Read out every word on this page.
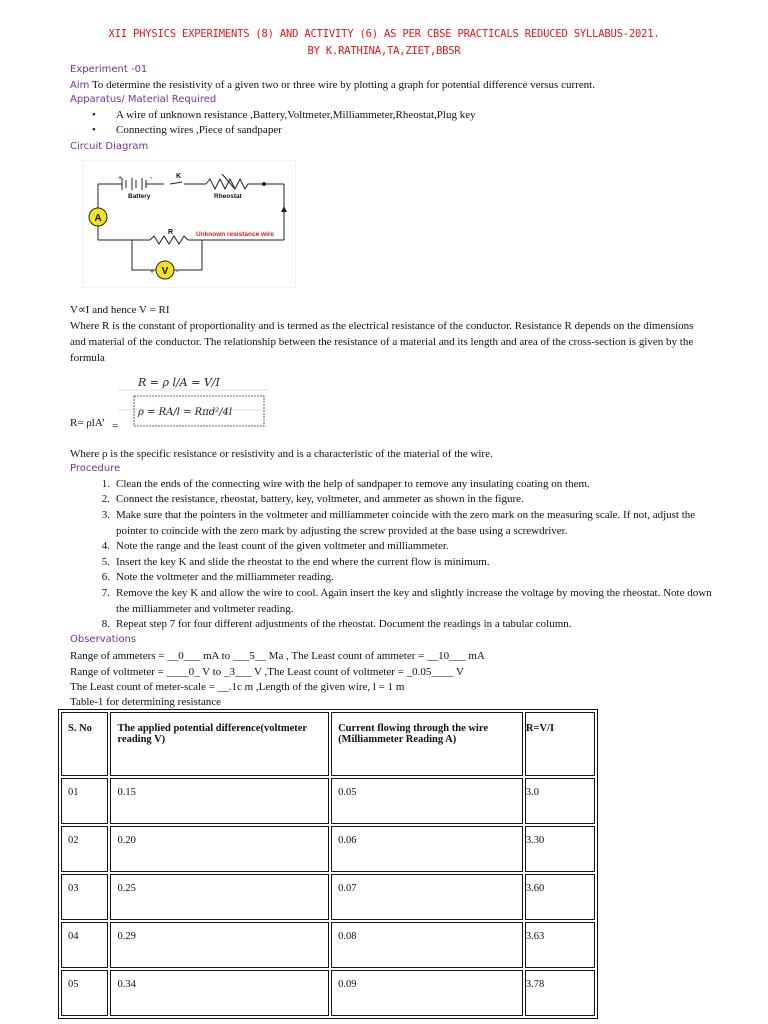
XII PHYSICS EXPERIMENTS (8) AND ACTIVITY (6) AS PER CBSE PRACTICALS REDUCED SYLLABUS-2021.
BY K.RATHINA,TA,ZIET,BBSR
Experiment -01
Aim To determine the resistivity of a given two or three wire by plotting a graph for potential difference versus current.
Apparatus/ Material Required
• A wire of unknown resistance ,Battery,Voltmeter,Milliammeter,Rheostat,Plug key
• Connecting wires ,Piece of sandpaper
Circuit Diagram
A
V
Battery
+	-	K
Rheostat
R	Unknown resistance wire
+	-
V∝I and hence V = RI
Where R is the constant of proportionality and is termed as the electrical resistance of the conductor. Resistance R depends on the dimensions and material of the conductor. The relationship between the resistance of a material and its length and area of the cross-section is given by the formula
R = ρ l/A = V/I
ρ = RA/l = Rπd²/4l
R= ρlA’ =
Where ρ is the specific resistance or resistivity and is a characteristic of the material of the wire.
Procedure
1. Clean the ends of the connecting wire with the help of sandpaper to remove any insulating coating on them.
2. Connect the resistance, rheostat, battery, key, voltmeter, and ammeter as shown in the figure.
3. Make sure that the pointers in the voltmeter and milliammeter coincide with the zero mark on the measuring scale. If not, adjust the pointer to coincide with the zero mark by adjusting the screw provided at the base using a screwdriver.
4. Note the range and the least count of the given voltmeter and milliammeter.
5. Insert the key K and slide the rheostat to the end where the current flow is minimum.
6. Note the voltmeter and the milliammeter reading.
7. Remove the key K and allow the wire to cool. Again insert the key and slightly increase the voltage by moving the rheostat. Note down the milliammeter and voltmeter reading.
8. Repeat step 7 for four different adjustments of the rheostat. Document the readings in a tabular column.
Observations
Range of ammeters = __0___ mA to ___5__ Ma , The Least count of ammeter = __10___ mA
Range of voltmeter = ____0_ V to _3___ V ,The Least count of voltmeter = _0.05____ V
The Least count of meter-scale = __.1c m ,Length of the given wire, l = 1 m
Table-1 for determining resistance
S. No	The applied potential difference(voltmeter reading V)	Current flowing through the wire (Milliammeter Reading A)	R=V/I
01	0.15	0.05	3.0
02	0.20	0.06	3.30
03	0.25	0.07	3.60
04	0.29	0.08	3.63
05	0.34	0.09	3.78
